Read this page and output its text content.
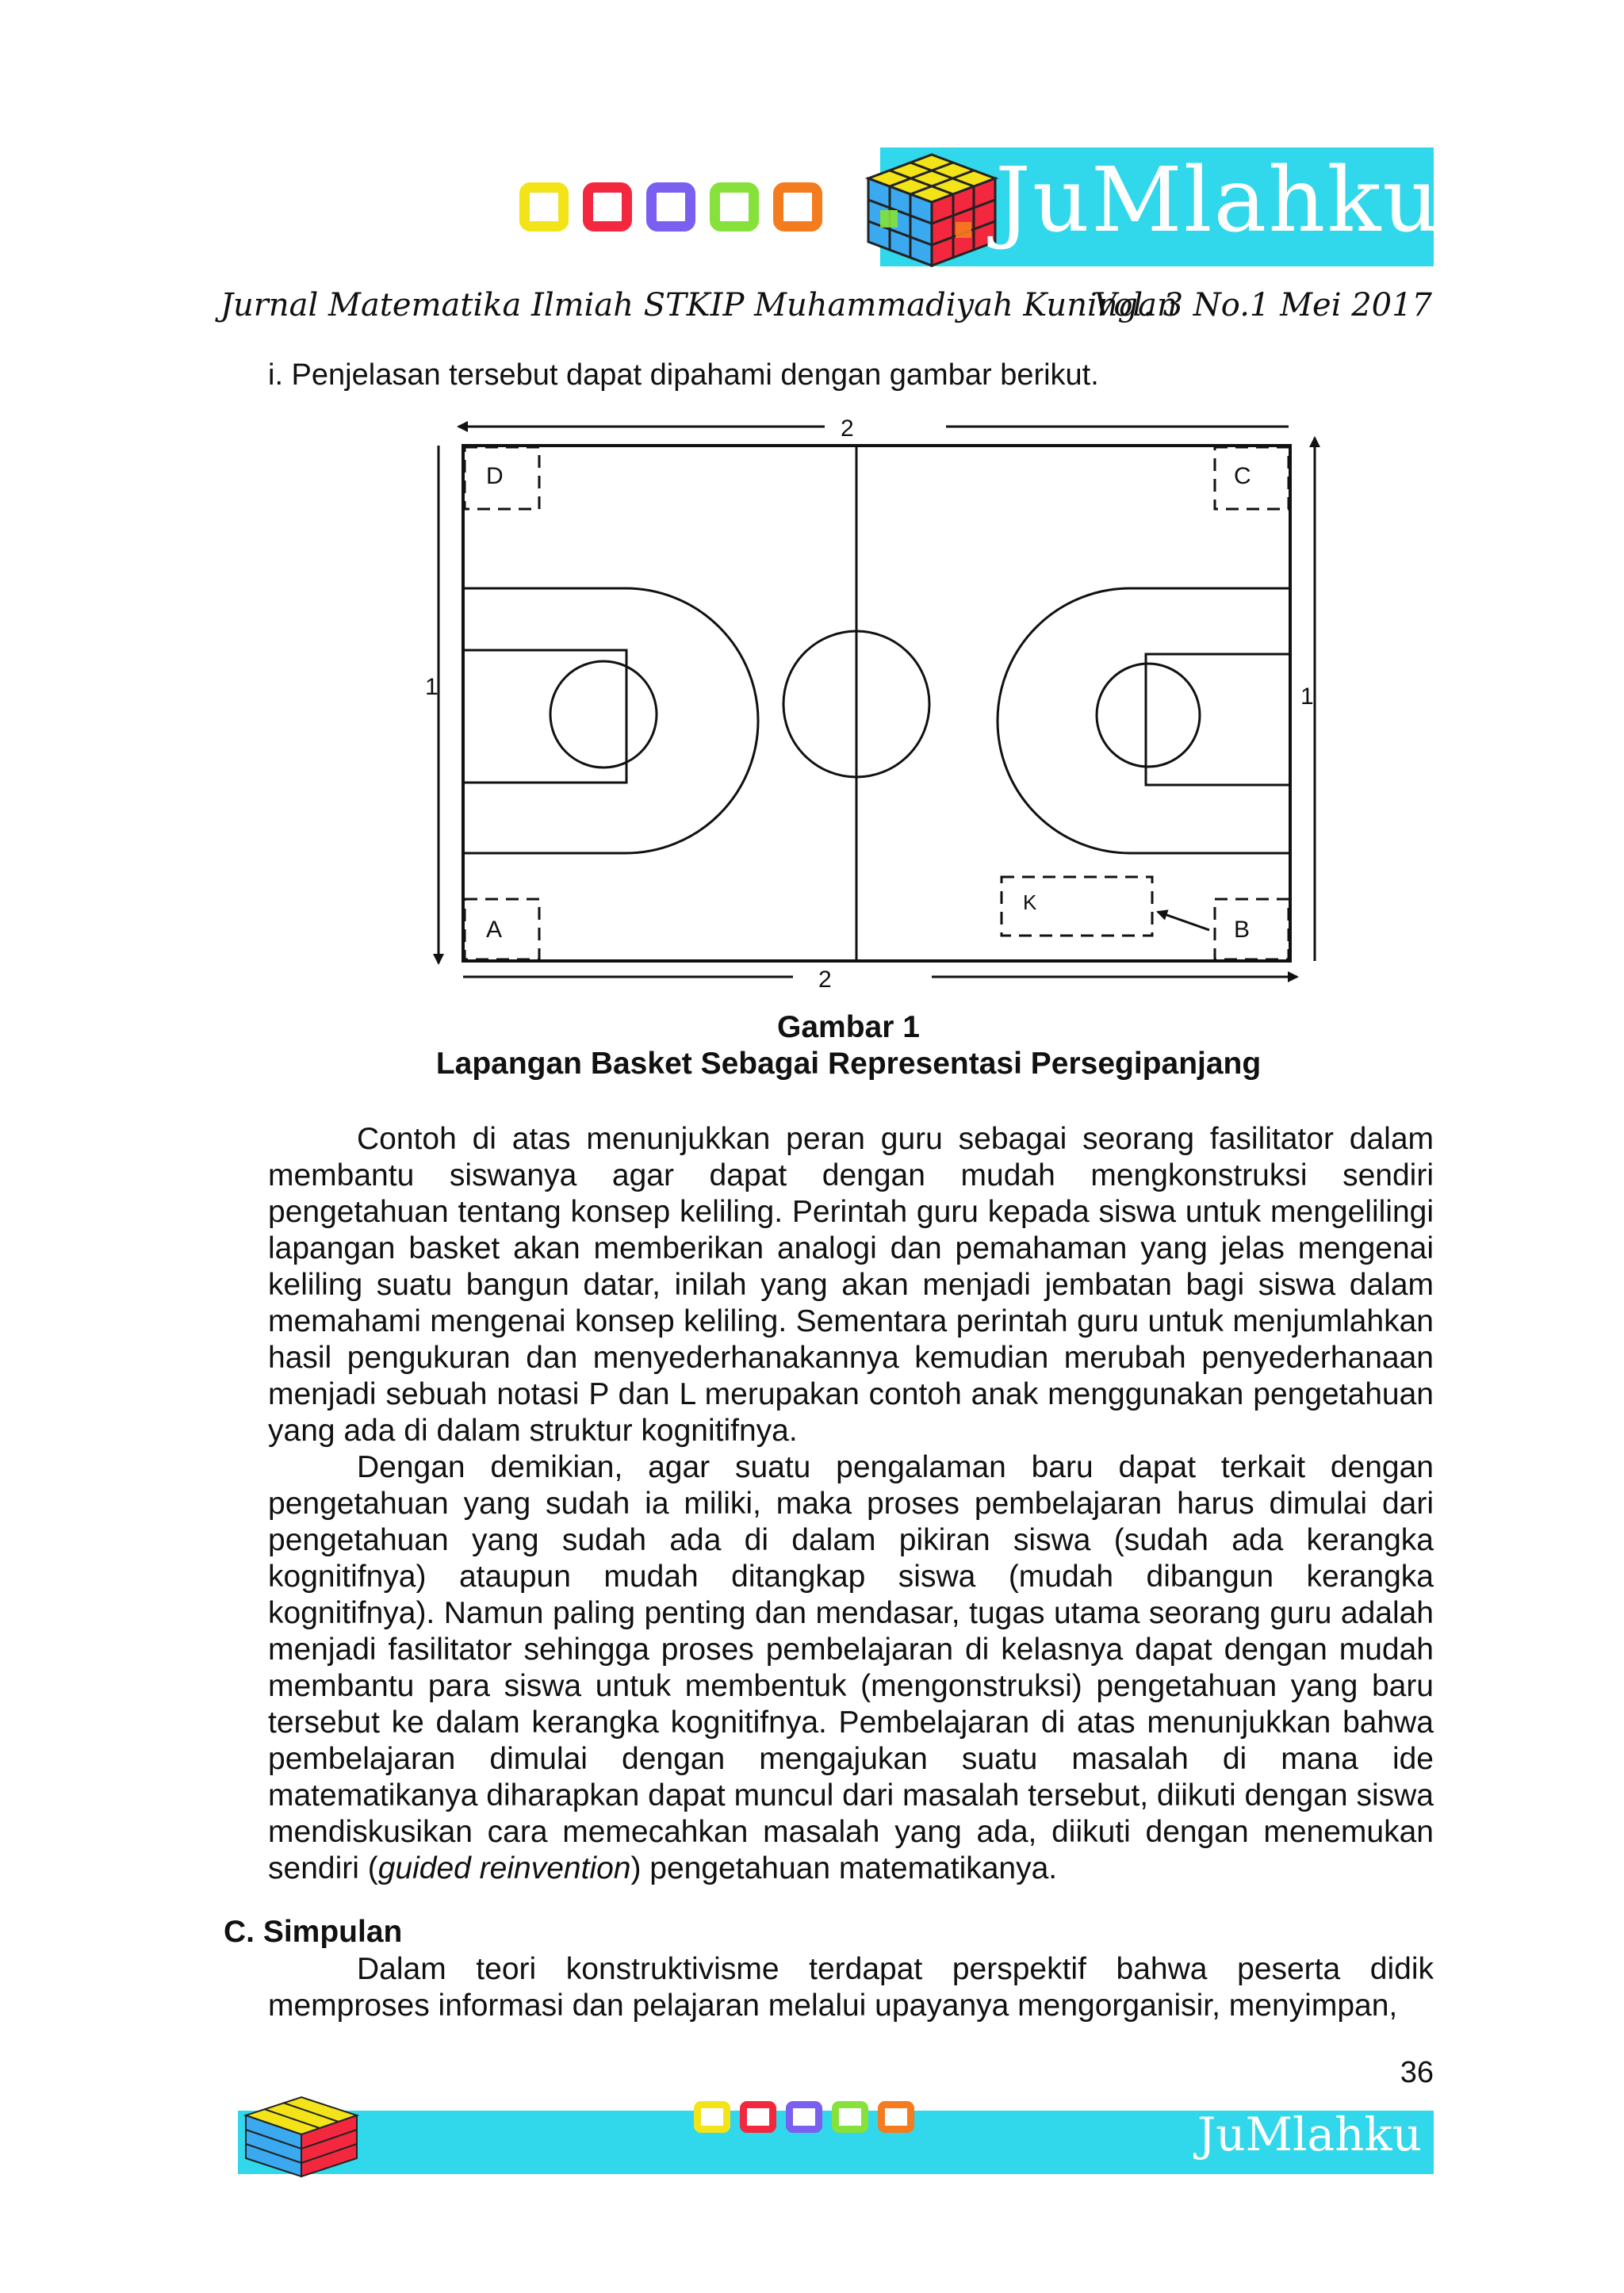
JuMlahku
Jurnal Matematika Ilmiah STKIP Muhammadiyah Kuningan
Vol. 3 No.1 Mei 2017
i. Penjelasan tersebut dapat dipahami dengan gambar berikut.
2
2
1	1
D	C
A	B
K
Gambar 1
Lapangan Basket Sebagai Representasi Persegipanjang

Contoh di atas menunjukkan peran guru sebagai seorang fasilitator dalam membantu siswanya agar dapat dengan mudah mengkonstruksi sendiri pengetahuan tentang konsep keliling. Perintah guru kepada siswa untuk mengelilingi lapangan basket akan memberikan analogi dan pemahaman yang jelas mengenai keliling suatu bangun datar, inilah yang akan menjadi jembatan bagi siswa dalam memahami mengenai konsep keliling. Sementara perintah guru untuk menjumlahkan hasil pengukuran dan menyederhanakannya kemudian merubah penyederhanaan menjadi sebuah notasi P dan L merupakan contoh anak menggunakan pengetahuan yang ada di dalam struktur kognitifnya.

Dengan demikian, agar suatu pengalaman baru dapat terkait dengan pengetahuan yang sudah ia miliki, maka proses pembelajaran harus dimulai dari pengetahuan yang sudah ada di dalam pikiran siswa (sudah ada kerangka kognitifnya) ataupun mudah ditangkap siswa (mudah dibangun kerangka kognitifnya). Namun paling penting dan mendasar, tugas utama seorang guru adalah menjadi fasilitator sehingga proses pembelajaran di kelasnya dapat dengan mudah membantu para siswa untuk membentuk (mengonstruksi) pengetahuan yang baru tersebut ke dalam kerangka kognitifnya. Pembelajaran di atas menunjukkan bahwa pembelajaran dimulai dengan mengajukan suatu masalah di mana ide matematikanya diharapkan dapat muncul dari masalah tersebut, diikuti dengan siswa mendiskusikan cara memecahkan masalah yang ada, diikuti dengan menemukan sendiri (guided reinvention) pengetahuan matematikanya.

C. Simpulan

Dalam teori konstruktivisme terdapat perspektif bahwa peserta didik memproses informasi dan pelajaran melalui upayanya mengorganisir, menyimpan,

36
JuMlahku
